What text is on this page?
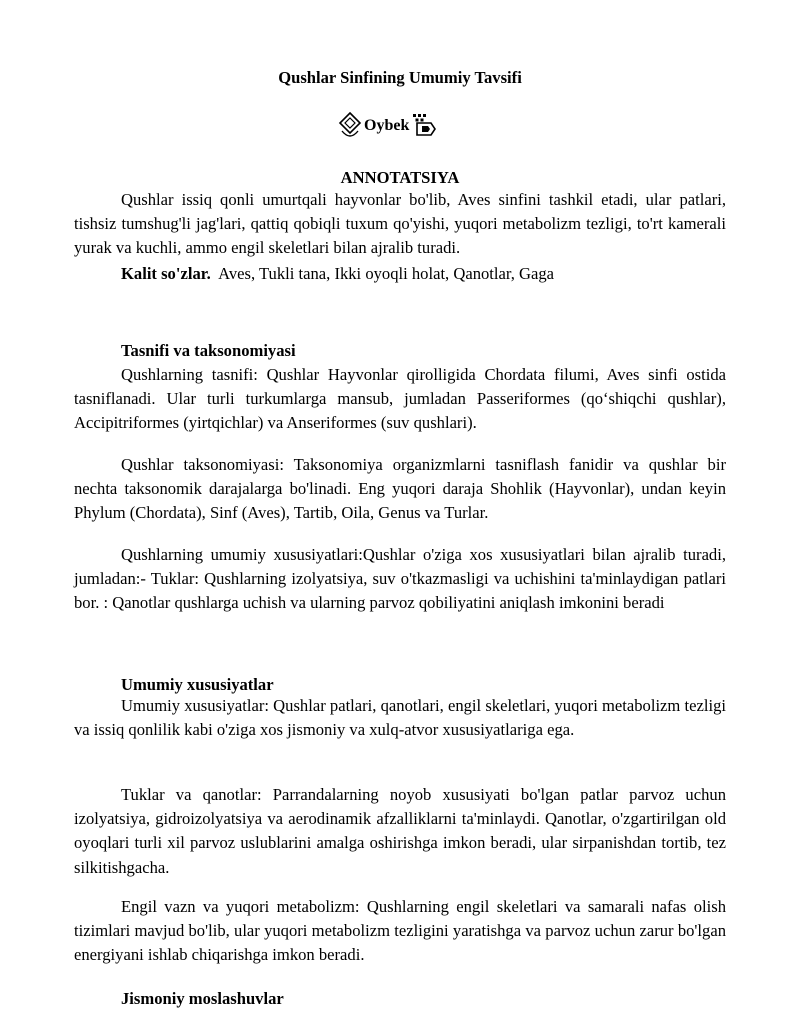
Qushlar Sinfining Umumiy Tavsifi
Oybek
ANNOTATSIYA

Qushlar issiq qonli umurtqali hayvonlar bo'lib, Aves sinfini tashkil etadi, ular patlari, tishsiz tumshug'li jag'lari, qattiq qobiqli tuxum qo'yishi, yuqori metabolizm tezligi, to'rt kamerali yurak va kuchli, ammo engil skeletlari bilan ajralib turadi.

Kalit so'zlar. Aves, Tukli tana, Ikki oyoqli holat, Qanotlar, Gaga

Tasnifi va taksonomiyasi

Qushlarning tasnifi: Qushlar Hayvonlar qirolligida Chordata filumi, Aves sinfi ostida tasniflanadi. Ular turli turkumlarga mansub, jumladan Passeriformes (qo‘shiqchi qushlar), Accipitriformes (yirtqichlar) va Anseriformes (suv qushlari).

Qushlar taksonomiyasi: Taksonomiya organizmlarni tasniflash fanidir va qushlar bir nechta taksonomik darajalarga bo'linadi. Eng yuqori daraja Shohlik (Hayvonlar), undan keyin Phylum (Chordata), Sinf (Aves), Tartib, Oila, Genus va Turlar.

Qushlarning umumiy xususiyatlari:Qushlar o'ziga xos xususiyatlari bilan ajralib turadi, jumladan:- Tuklar: Qushlarning izolyatsiya, suv o'tkazmasligi va uchishini ta'minlaydigan patlari bor. : Qanotlar qushlarga uchish va ularning parvoz qobiliyatini aniqlash imkonini beradi

Umumiy xususiyatlar

Umumiy xususiyatlar: Qushlar patlari, qanotlari, engil skeletlari, yuqori metabolizm tezligi va issiq qonlilik kabi o'ziga xos jismoniy va xulq-atvor xususiyatlariga ega.

Tuklar va qanotlar: Parrandalarning noyob xususiyati bo'lgan patlar parvoz uchun izolyatsiya, gidroizolyatsiya va aerodinamik afzalliklarni ta'minlaydi. Qanotlar, o'zgartirilgan old oyoqlari turli xil parvoz uslublarini amalga oshirishga imkon beradi, ular sirpanishdan tortib, tez silkitishgacha.

Engil vazn va yuqori metabolizm: Qushlarning engil skeletlari va samarali nafas olish tizimlari mavjud bo'lib, ular yuqori metabolizm tezligini yaratishga va parvoz uchun zarur bo'lgan energiyani ishlab chiqarishga imkon beradi.

Jismoniy moslashuvlar
